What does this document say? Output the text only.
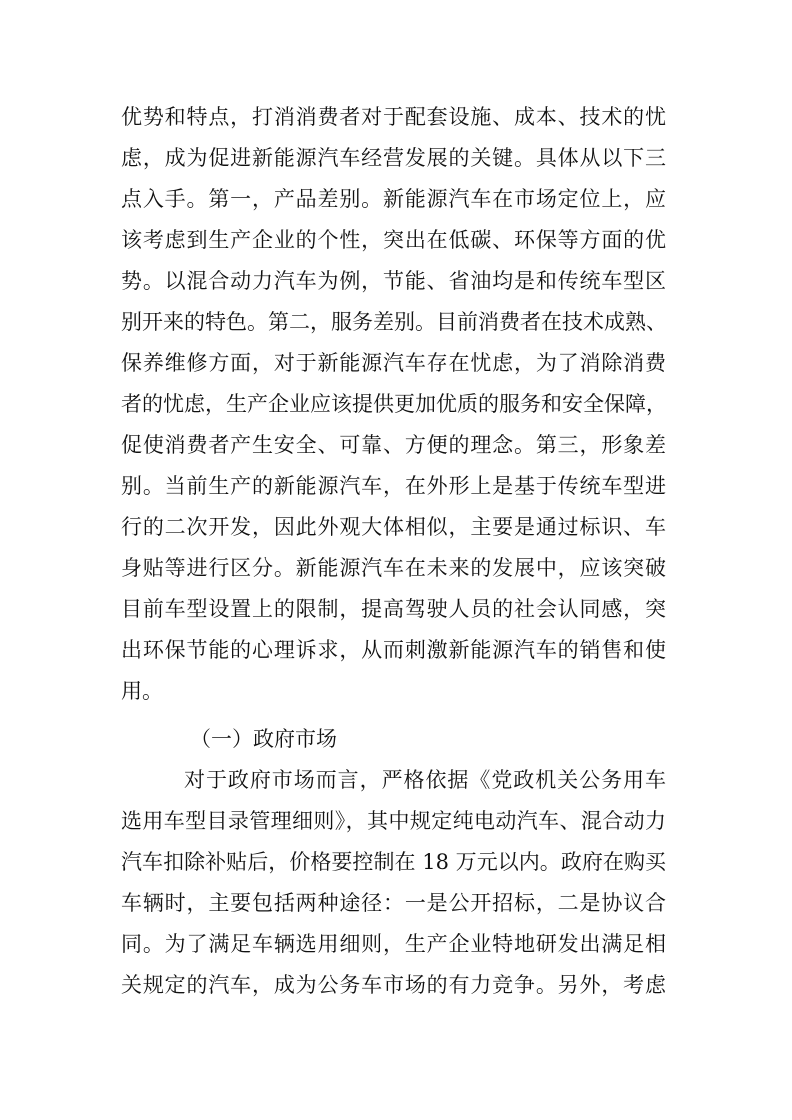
优势和特点，打消消费者对于配套设施、成本、技术的忧
虑，成为促进新能源汽车经营发展的关键。具体从以下三
点入手。第一，产品差别。新能源汽车在市场定位上，应
该考虑到生产企业的个性，突出在低碳、环保等方面的优
势。以混合动力汽车为例，节能、省油均是和传统车型区
别开来的特色。第二，服务差别。目前消费者在技术成熟、
保养维修方面，对于新能源汽车存在忧虑，为了消除消费
者的忧虑，生产企业应该提供更加优质的服务和安全保障，
促使消费者产生安全、可靠、方便的理念。第三，形象差
别。当前生产的新能源汽车，在外形上是基于传统车型进
行的二次开发，因此外观大体相似，主要是通过标识、车
身贴等进行区分。新能源汽车在未来的发展中，应该突破
目前车型设置上的限制，提高驾驶人员的社会认同感，突
出环保节能的心理诉求，从而刺激新能源汽车的销售和使
用。
（一）政府市场
对于政府市场而言，严格依据《党政机关公务用车
选用车型目录管理细则》，其中规定纯电动汽车、混合动力
汽车扣除补贴后，价格要控制在 18 万元以内。政府在购买
车辆时，主要包括两种途径：一是公开招标，二是协议合
同。为了满足车辆选用细则，生产企业特地研发出满足相
关规定的汽车，成为公务车市场的有力竞争。另外，考虑
